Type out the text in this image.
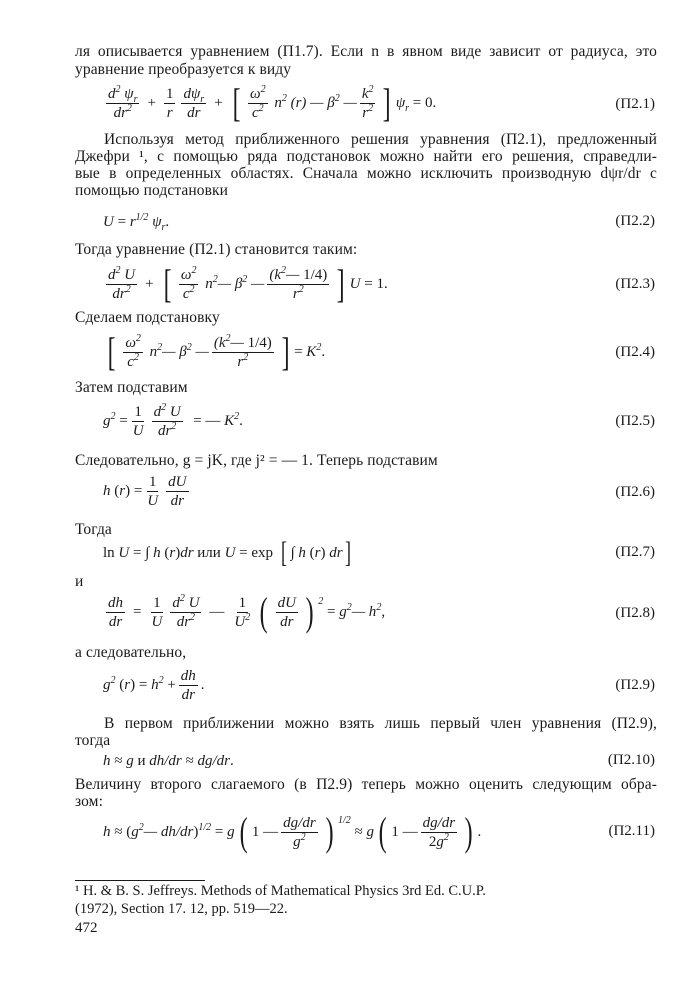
ля описывается уравнением (П1.7). Если n в явном виде зависит от радиуса, это
уравнение преобразуется к виду
$\frac{d^2 \psi_r}{dr^2} + \frac{1}{r} \frac{d\psi_r}{dr}$ + [ $\frac{\omega^2}{c^2} n^2$ (r) — $\beta^2$ — $\frac{k^2}{r^2}$ ] $\psi_r = 0$.	(П2.1)
Используя метод приближенного решения уравнения (П2.1), предложенный
Джефри ¹, с помощью ряда подстановок можно найти его решения, справедли-
вые в определенных областях. Сначала можно исключить производную dψr/dr с
помощью подстановки
$U = r^{1/2}$ $\psi_r$.	(П2.2)
Тогда уравнение (П2.1) становится таким:
$\frac{d^2 U}{dr^2}$ + [ $\frac{\omega^2}{c^2}$ $n^2—$ $\beta^2$ — $\frac{(k^2— 1/4)}{r^2}$ ] U = 1.	(П2.3)
Сделаем подстановку
[ $\frac{\omega^2}{c^2}$ $n^2—$ $\beta^2$ — $\frac{(k^2— 1/4)}{r^2}$ ] = $K^2$.	(П2.4)
Затем подставим
$g^2 = \frac{1}{U} \frac{d^2 U}{dr^2}$ = — $K^2$.	(П2.5)
Следовательно, g = jK, где j² = — 1. Теперь подставим
h $(r) = \frac{1}{U} \frac{dU}{dr}$	(П2.6)
Тогда
ln U = ∫ h (r)dr или U = exp [ ∫ h (r) dr ]	(П2.7)
и
$\frac{dh}{dr} = \frac{1}{U} \frac{d^2 U}{dr^2}$ — $\frac{1}{U^2}$ ( $\frac{dU}{dr}$ ) 2
= $g^2—$ $h^2$,	(П2.8)
а следовательно,
$g^2$ $(r) = h^2 + \frac{dh}{dr}$ .	(П2.9)
В первом приближении можно взять лишь первый член уравнения (П2.9),
тогда
h ≈ g и dh/dr ≈ dg/dr.	(П2.10)
Величину второго слагаемого (в П2.9) теперь можно оценить следующим обра-
зом:
$h \approx (g^2—$ dh/dr)$^{1/2}$ = g ( 1 — $\frac{dg/dr}{g^2}$ ) 1/2
≈ g ( 1 — $\frac{dg/dr}{2g^2}$ ) .	(П2.11)
¹ H. & B. S. Jeffreys. Methods of Mathematical Physics 3rd Ed. C.U.P.
(1972), Section 17. 12, pp. 519—22.
472
